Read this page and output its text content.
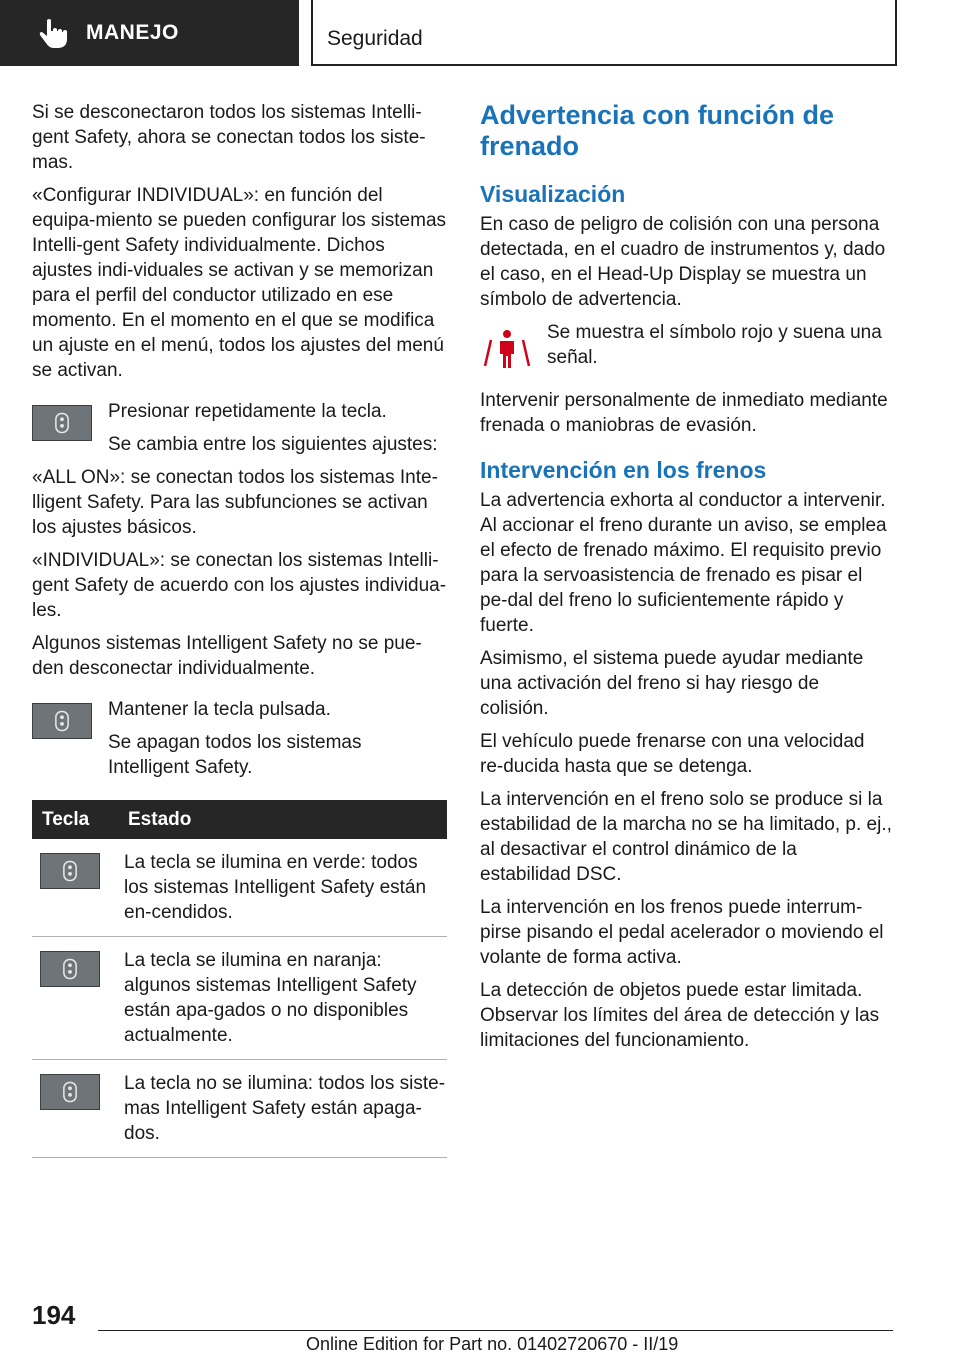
MANEJO	Seguridad

Si se desconectaron todos los sistemas Intelli‐gent Safety, ahora se conectan todos los siste‐mas.

«Configurar INDIVIDUAL»: en función del equipa‐miento se pueden configurar los sistemas Intelli‐gent Safety individualmente. Dichos ajustes indi‐viduales se activan y se memorizan para el perfil del conductor utilizado en ese momento. En el momento en el que se modifica un ajuste en el menú, todos los ajustes del menú se activan.

Presionar repetidamente la tecla.

Se cambia entre los siguientes ajustes:

«ALL ON»: se conectan todos los sistemas Inte‐lligent Safety. Para las subfunciones se activan los ajustes básicos.

«INDIVIDUAL»: se conectan los sistemas Intelli‐gent Safety de acuerdo con los ajustes individua‐les.

Algunos sistemas Intelligent Safety no se pue‐den desconectar individualmente.

Mantener la tecla pulsada.

Se apagan todos los sistemas Intelligent Safety.

Tecla	Estado

	La tecla se ilumina en verde: todos los sistemas Intelligent Safety están en‐cendidos.

	La tecla se ilumina en naranja: algunos sistemas Intelligent Safety están apa‐gados o no disponibles actualmente.

	La tecla no se ilumina: todos los siste‐mas Intelligent Safety están apaga‐dos.
Advertencia con función de frenado
Visualización

En caso de peligro de colisión con una persona detectada, en el cuadro de instrumentos y, dado el caso, en el Head-Up Display se muestra un símbolo de advertencia.

Se muestra el símbolo rojo y suena una señal.

Intervenir personalmente de inmediato mediante frenada o maniobras de evasión.

Intervención en los frenos

La advertencia exhorta al conductor a intervenir. Al accionar el freno durante un aviso, se emplea el efecto de frenado máximo. El requisito previo para la servoasistencia de frenado es pisar el pe‐dal del freno lo suficientemente rápido y fuerte.

Asimismo, el sistema puede ayudar mediante una activación del freno si hay riesgo de colisión.

El vehículo puede frenarse con una velocidad re‐ducida hasta que se detenga.

La intervención en el freno solo se produce si la estabilidad de la marcha no se ha limitado, p. ej., al desactivar el control dinámico de la estabilidad DSC.

La intervención en los frenos puede interrum‐pirse pisando el pedal acelerador o moviendo el volante de forma activa.

La detección de objetos puede estar limitada. Observar los límites del área de detección y las limitaciones del funcionamiento.

194
Online Edition for Part no. 01402720670 - II/19
